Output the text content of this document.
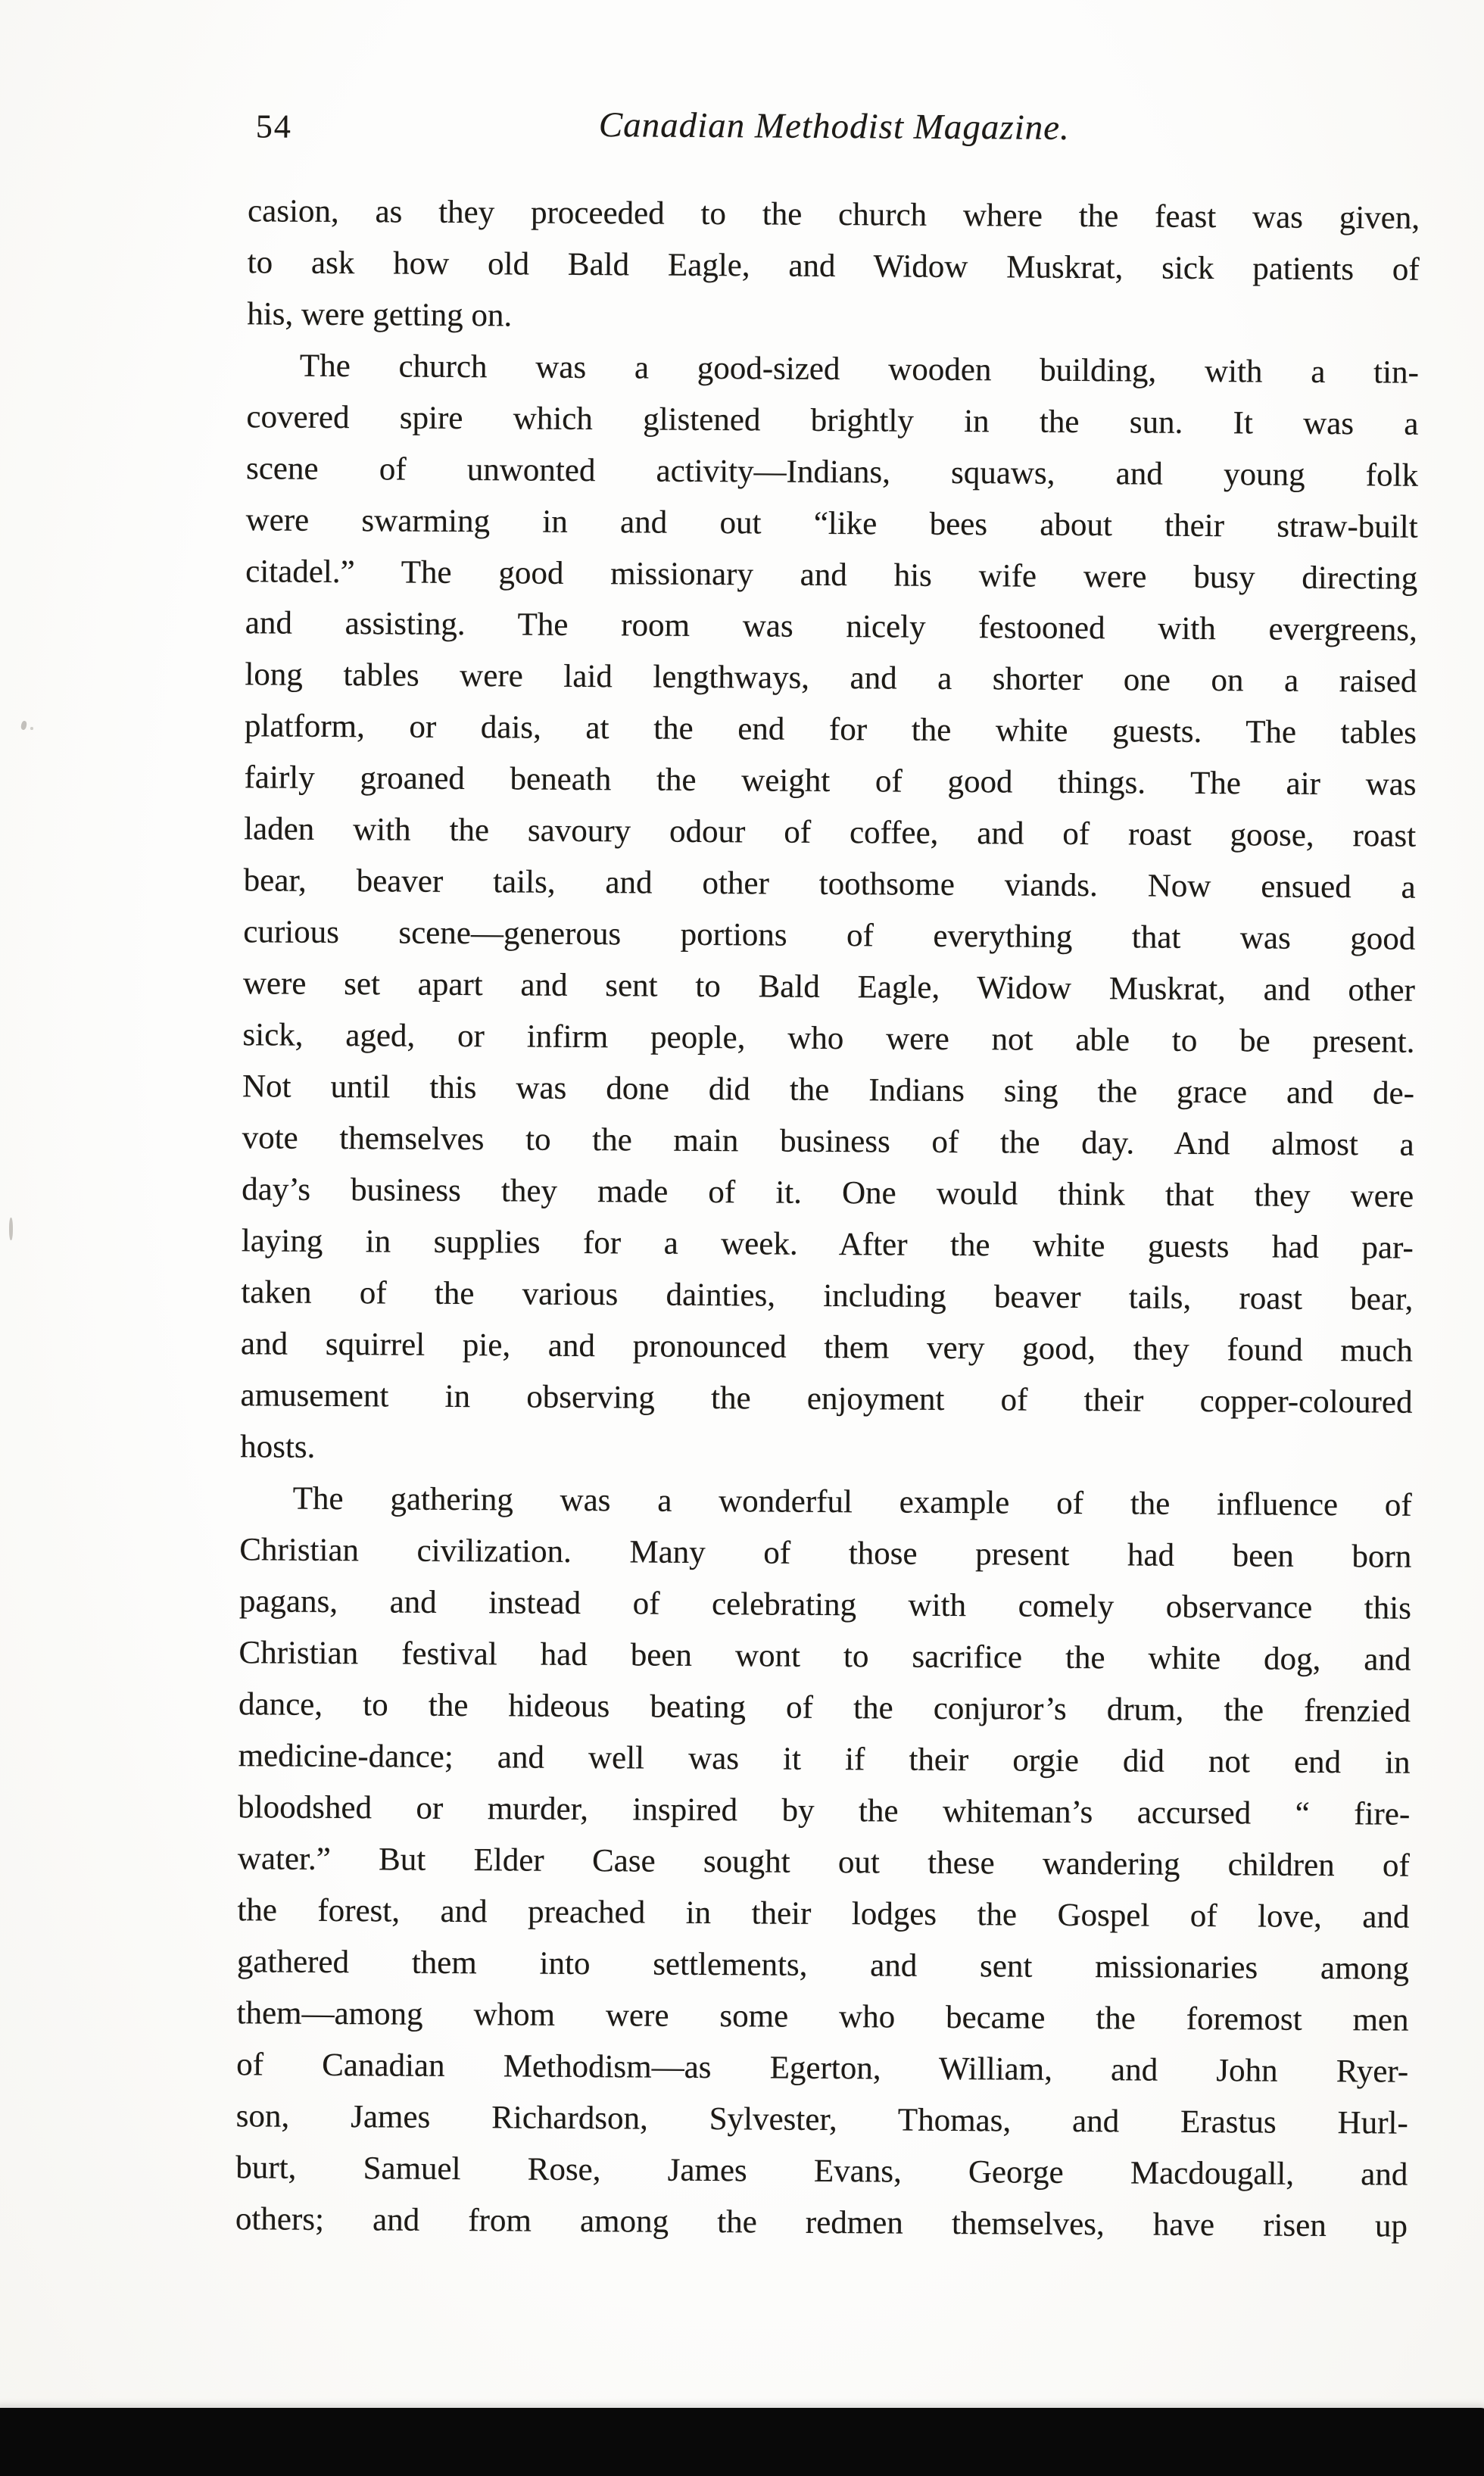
54	Canadian Methodist Magazine.
casion, as they proceeded to the church where the feast was given,
to ask how old Bald Eagle, and Widow Muskrat, sick patients of
his, were getting on.
The church was a good-sized wooden building, with a tin-
covered spire which glistened brightly in the sun. It was a
scene of unwonted activity—Indians, squaws, and young folk
were swarming in and out “like bees about their straw-built
citadel.” The good missionary and his wife were busy directing
and assisting. The room was nicely festooned with evergreens,
long tables were laid lengthways, and a shorter one on a raised
platform, or dais, at the end for the white guests. The tables
fairly groaned beneath the weight of good things. The air was
laden with the savoury odour of coffee, and of roast goose, roast
bear, beaver tails, and other toothsome viands. Now ensued a
curious scene—generous portions of everything that was good
were set apart and sent to Bald Eagle, Widow Muskrat, and other
sick, aged, or infirm people, who were not able to be present.
Not until this was done did the Indians sing the grace and de-
vote themselves to the main business of the day. And almost a
day’s business they made of it. One would think that they were
laying in supplies for a week. After the white guests had par-
taken of the various dainties, including beaver tails, roast bear,
and squirrel pie, and pronounced them very good, they found much
amusement in observing the enjoyment of their copper-coloured
hosts.
The gathering was a wonderful example of the influence of
Christian civilization. Many of those present had been born
pagans, and instead of celebrating with comely observance this
Christian festival had been wont to sacrifice the white dog, and
dance, to the hideous beating of the conjuror’s drum, the frenzied
medicine-dance; and well was it if their orgie did not end in
bloodshed or murder, inspired by the whiteman’s accursed “ fire-
water.” But Elder Case sought out these wandering children of
the forest, and preached in their lodges the Gospel of love, and
gathered them into settlements, and sent missionaries among
them—among whom were some who became the foremost men
of Canadian Methodism—as Egerton, William, and John Ryer-
son, James Richardson, Sylvester, Thomas, and Erastus Hurl-
burt, Samuel Rose, James Evans, George Macdougall, and
others; and from among the redmen themselves, have risen up
